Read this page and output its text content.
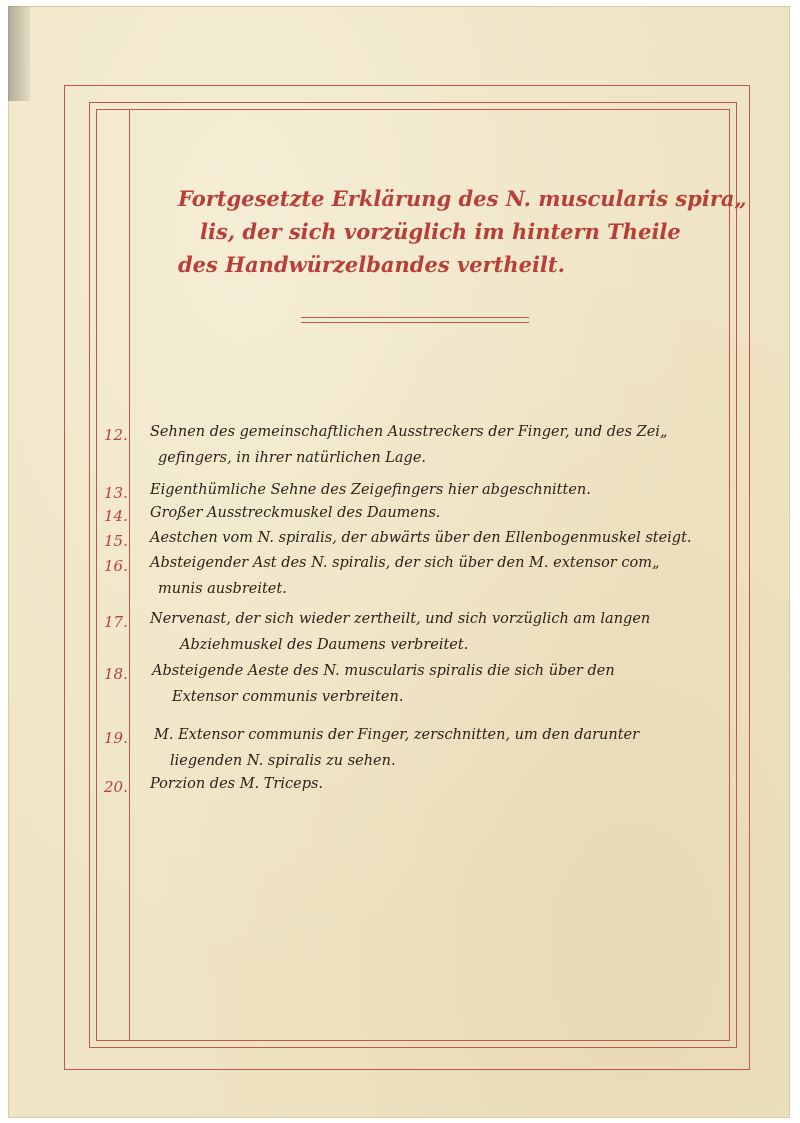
Fortgesetzte Erklärung des N. muscularis spira„
lis, der sich vorzüglich im hintern Theile
des Handwürzelbandes vertheilt.
12. Sehnen des gemeinschaftlichen Ausstreckers der Finger, und des Zei„
gefingers, in ihrer natürlichen Lage.
13. Eigenthümliche Sehne des Zeigefingers hier abgeschnitten.
14. Großer Ausstreckmuskel des Daumens.
15. Aestchen vom N. spiralis, der abwärts über den Ellenbogenmuskel steigt.
16. Absteigender Ast des N. spiralis, der sich über den M. extensor com„
munis ausbreitet.
17. Nervenast, der sich wieder zertheilt, und sich vorzüglich am langen
Abziehmuskel des Daumens verbreitet.
18. Absteigende Aeste des N. muscularis spiralis die sich über den
Extensor communis verbreiten.
19. M. Extensor communis der Finger, zerschnitten, um den darunter
liegenden N. spiralis zu sehen.
20. Porzion des M. Triceps.
